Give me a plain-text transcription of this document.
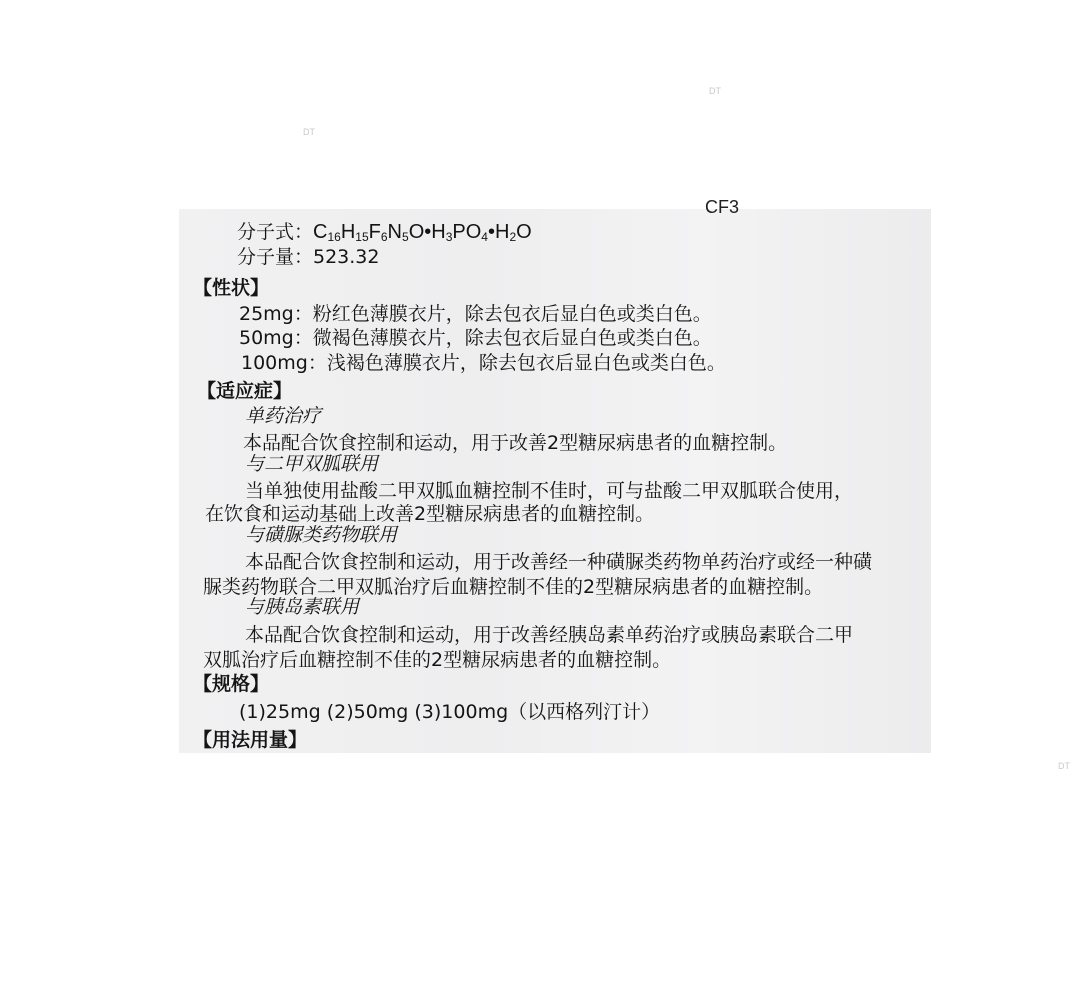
DT
DT
DT
CF3
分子式：$C_{16}H_{15}F_6N_5O•H_3PO_4•H_2O$
分子量：523.32
【性状】
25mg：粉红色薄膜衣片，除去包衣后显白色或类白色。
50mg：微褐色薄膜衣片，除去包衣后显白色或类白色。
100mg：浅褐色薄膜衣片，除去包衣后显白色或类白色。
【适应症】
单药治疗
本品配合饮食控制和运动，用于改善2型糖尿病患者的血糖控制。
与二甲双胍联用
当单独使用盐酸二甲双胍血糖控制不佳时，可与盐酸二甲双胍联合使用，
在饮食和运动基础上改善2型糖尿病患者的血糖控制。
与磺脲类药物联用
本品配合饮食控制和运动，用于改善经一种磺脲类药物单药治疗或经一种磺
脲类药物联合二甲双胍治疗后血糖控制不佳的2型糖尿病患者的血糖控制。
与胰岛素联用
本品配合饮食控制和运动，用于改善经胰岛素单药治疗或胰岛素联合二甲
双胍治疗后血糖控制不佳的2型糖尿病患者的血糖控制。
【规格】
(1)25mg (2)50mg (3)100mg（以西格列汀计）
【用法用量】
